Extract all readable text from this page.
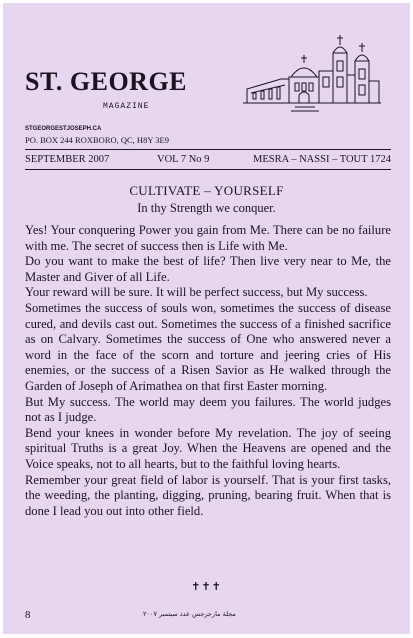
ST. GEORGE
MAGAZINE
STGEORGESTJOSEPH.CA
PO. BOX 244 ROXBORO, QC, H8Y 3E9
SEPTEMBER 2007	VOL 7 No 9	MESRA – NASSI – TOUT 1724
CULTIVATE – YOURSELF
In thy Strength we conquer.

Yes! Your conquering Power you gain from Me. There can be no failure with me. The secret of success then is Life with Me.

Do you want to make the best of life? Then live very near to Me, the Master and Giver of all Life.

Your reward will be sure. It will be perfect success, but My success.

Sometimes the success of souls won, sometimes the success of disease cured, and devils cast out. Sometimes the success of a finished sacrifice as on Calvary. Sometimes the success of One who answered never a word in the face of the scorn and torture and jeering cries of His enemies, or the success of a Risen Savior as He walked through the Garden of Joseph of Arimathea on that first Easter morning.

But My success. The world may deem you failures. The world judges not as I judge.

Bend your knees in wonder before My revelation. The joy of seeing spiritual Truths is a great Joy. When the Heavens are opened and the Voice speaks, not to all hearts, but to the faithful loving hearts.

Remember your great field of labor is yourself. That is your first tasks, the weeding, the planting, digging, pruning, bearing fruit. When that is done I lead you out into other field.

✝✝✝
8	مجلة مارجرجس عدد سبتمبر ٢٠٠٧
